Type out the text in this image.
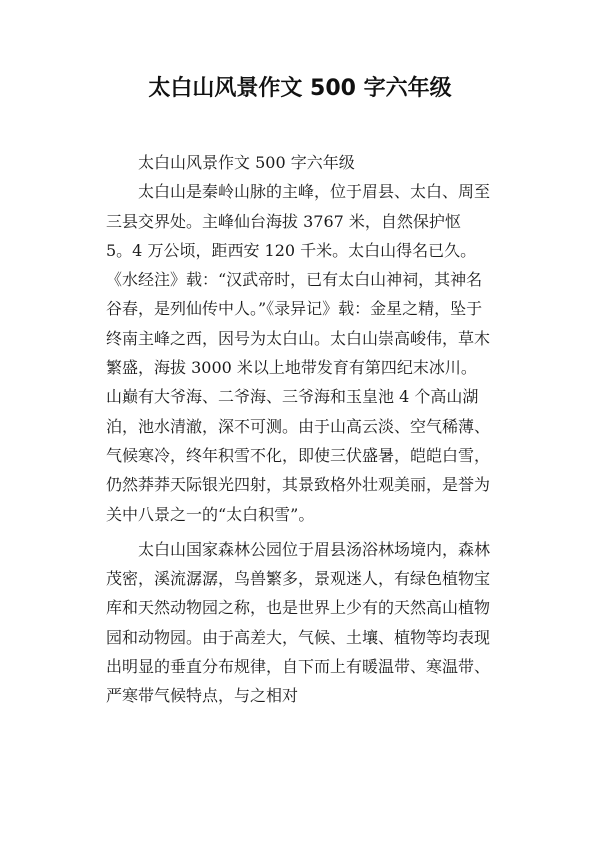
太白山风景作文 500 字六年级

太白山风景作文 500 字六年级

太白山是秦岭山脉的主峰，位于眉县、太白、周至三县交界处。主峰仙台海拔 3767 米，自然保护怄 5。4 万公顷，距西安 120 千米。太白山得名已久。《水经注》载：“汉武帝时，已有太白山神祠，其神名谷春，是列仙传中人。”《录异记》载：金星之精，坠于终南主峰之西，因号为太白山。太白山崇高峻伟，草木繁盛，海拔 3000 米以上地带发育有第四纪末冰川。山巅有大爷海、二爷海、三爷海和玉皇池 4 个高山湖泊，池水清澈，深不可测。由于山高云淡、空气稀薄、气候寒冷，终年积雪不化，即使三伏盛暑，皑皑白雪，仍然莽莽天际银光四射，其景致格外壮观美丽，是誉为关中八景之一的“太白积雪”。

太白山国家森林公园位于眉县汤浴林场境内，森林茂密，溪流潺潺，鸟兽繁多，景观迷人，有绿色植物宝库和天然动物园之称，也是世界上少有的天然高山植物园和动物园。由于高差大，气候、土壤、植物等均表现出明显的垂直分布规律，自下而上有暖温带、寒温带、严寒带气候特点，与之相对
